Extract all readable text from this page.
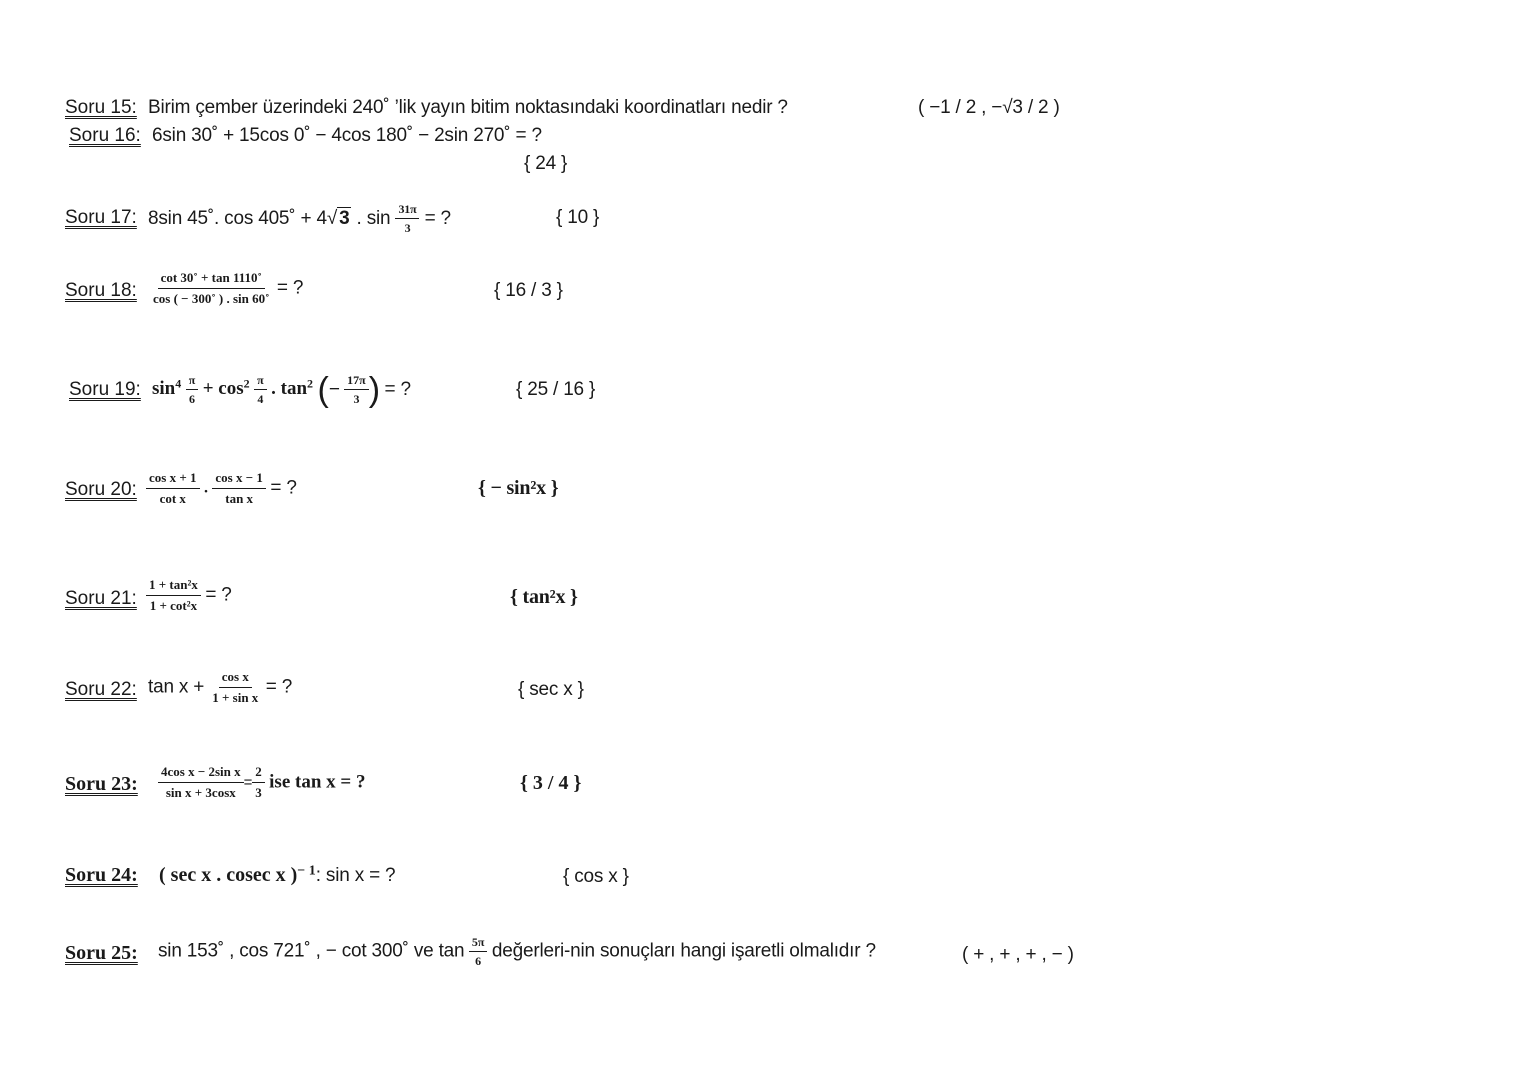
Soru 15: Birim çember üzerindeki 240˚ ’lik yayın bitim noktasındaki koordinatları nedir ?	( −1 / 2 , −√3 / 2 )
Soru 16: 6sin 30˚ + 15cos 0˚ − 4cos 180˚ − 2sin 270˚ = ?
{ 24 }
Soru 17: 8sin 45˚. cos 405˚ + 4√ 3 . $\sin \frac{31\pi}{3}$ = ?	{ 10 }
Soru 18: $\frac{\cot 30˚ + \tan 1110˚}{\cos ( - 300˚ ) . \sin 60˚}$ = ?	{ 16 / 3 }
Soru 19: $\sin^4 \frac{\pi}{6} + \cos^2 \frac{\pi}{4}$ . $\tan^2$ (− $\frac{17\pi}{3}$ ) = ?	{ 25 / 16 }
Soru 20: $\frac{\text{cos x + 1}}{\text{cot x}}$ . $\frac{\text{cos x − 1}}{\text{tan x}}$ = ?	{ − sin²x }
Soru 21: $\frac{\text{1 + tan²x}}{\text{1 + cot²x}}$ = ?	{ tan²x }
Soru 22: $\tan x + \frac{\text{cos x}}{\text{1 + sin x}}$ = ?	{ sec x }
Soru 23: $\frac{\text{4cos x − 2sin x}}{\text{sin x + 3cosx}} = \frac{2}{3}$ ise tan x = ?	{ 3 / 4 }
Soru 24: ( sec x . cosec x )− 1: sin x = ?	{ cos x }
Soru 25: sin 153˚ , cos 721˚ , − cot 300˚ ve $\tan \frac{5\pi}{6}$ değerleri-nin sonuçları hangi işaretli olmalıdır ?	( + , + , + , − )
